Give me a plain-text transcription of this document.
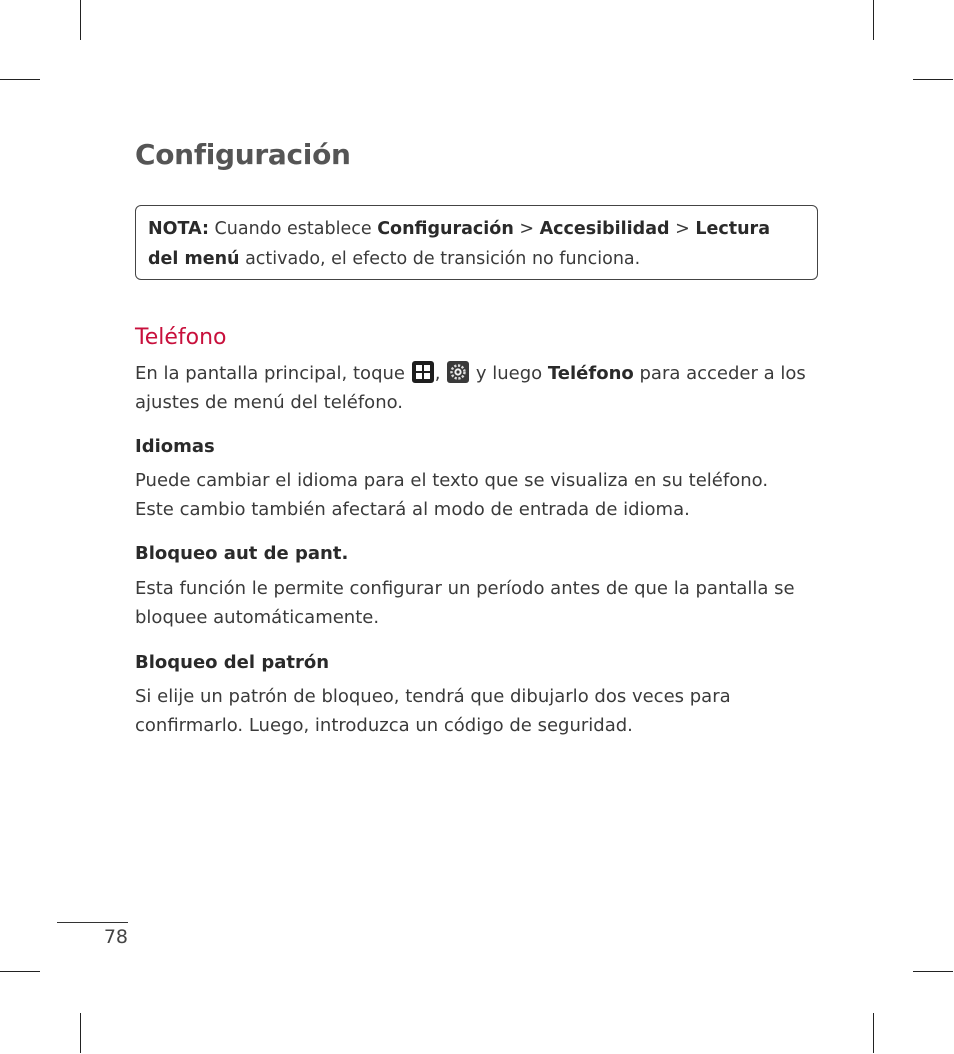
Configuración
NOTA: Cuando establece Configuración > Accesibilidad > Lectura del menú activado, el efecto de transición no funciona.
Teléfono

En la pantalla principal, toque
,
y luego Teléfono para acceder a los ajustes de menú del teléfono.

Idiomas

Puede cambiar el idioma para el texto que se visualiza en su teléfono.
Este cambio también afectará al modo de entrada de idioma.

Bloqueo aut de pant.

Esta función le permite configurar un período antes de que la pantalla se
bloquee automáticamente.

Bloqueo del patrón

Si elije un patrón de bloqueo, tendrá que dibujarlo dos veces para
confirmarlo. Luego, introduzca un código de seguridad.

78
